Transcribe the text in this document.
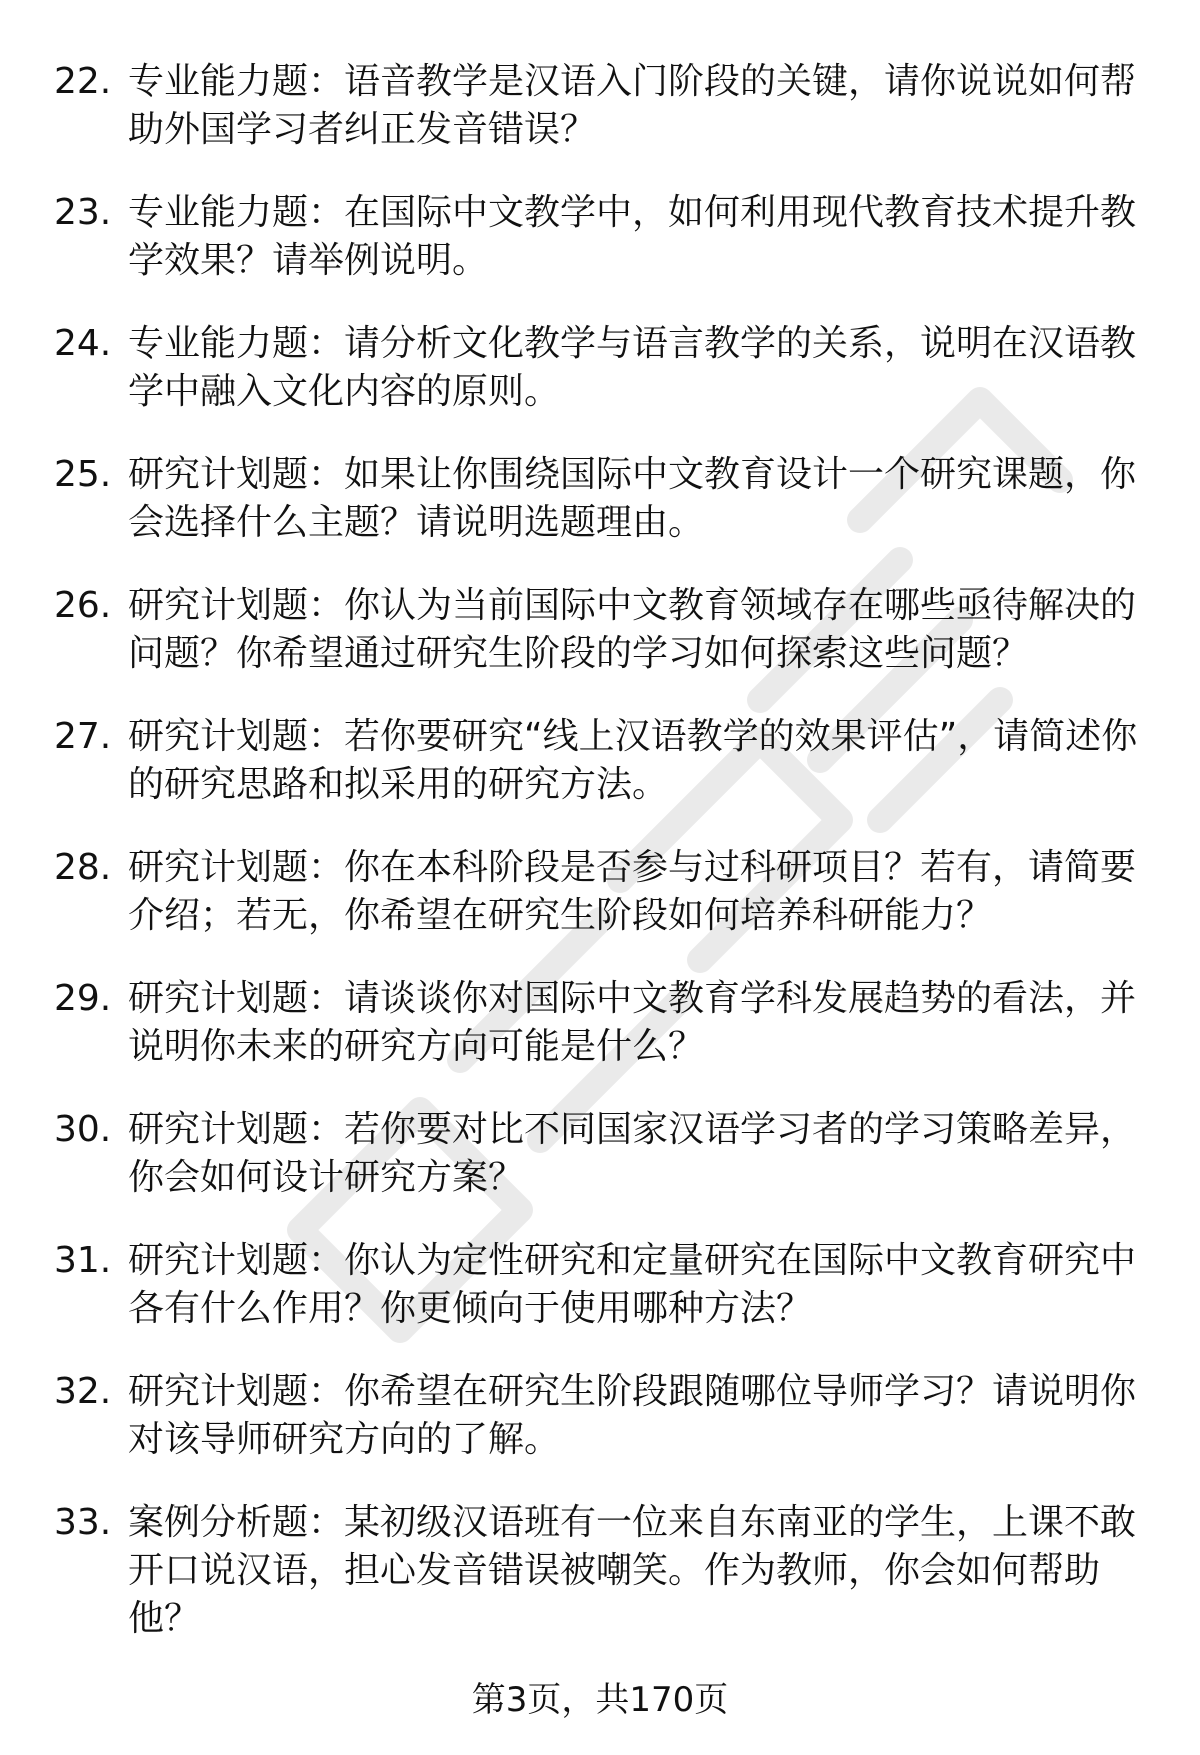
22. 专业能力题：语音教学是汉语入门阶段的关键，请你说说如何帮助外国学习者纠正发音错误？
23. 专业能力题：在国际中文教学中，如何利用现代教育技术提升教学效果？请举例说明。
24. 专业能力题：请分析文化教学与语言教学的关系，说明在汉语教学中融入文化内容的原则。
25. 研究计划题：如果让你围绕国际中文教育设计一个研究课题，你会选择什么主题？请说明选题理由。
26. 研究计划题：你认为当前国际中文教育领域存在哪些亟待解决的问题？你希望通过研究生阶段的学习如何探索这些问题？
27. 研究计划题：若你要研究“线上汉语教学的效果评估”，请简述你的研究思路和拟采用的研究方法。
28. 研究计划题：你在本科阶段是否参与过科研项目？若有，请简要介绍；若无，你希望在研究生阶段如何培养科研能力？
29. 研究计划题：请谈谈你对国际中文教育学科发展趋势的看法，并说明你未来的研究方向可能是什么？
30. 研究计划题：若你要对比不同国家汉语学习者的学习策略差异，你会如何设计研究方案？
31. 研究计划题：你认为定性研究和定量研究在国际中文教育研究中各有什么作用？你更倾向于使用哪种方法？
32. 研究计划题：你希望在研究生阶段跟随哪位导师学习？请说明你对该导师研究方向的了解。
33. 案例分析题：某初级汉语班有一位来自东南亚的学生，上课不敢开口说汉语，担心发音错误被嘲笑。作为教师，你会如何帮助他？
第3页，共170页
